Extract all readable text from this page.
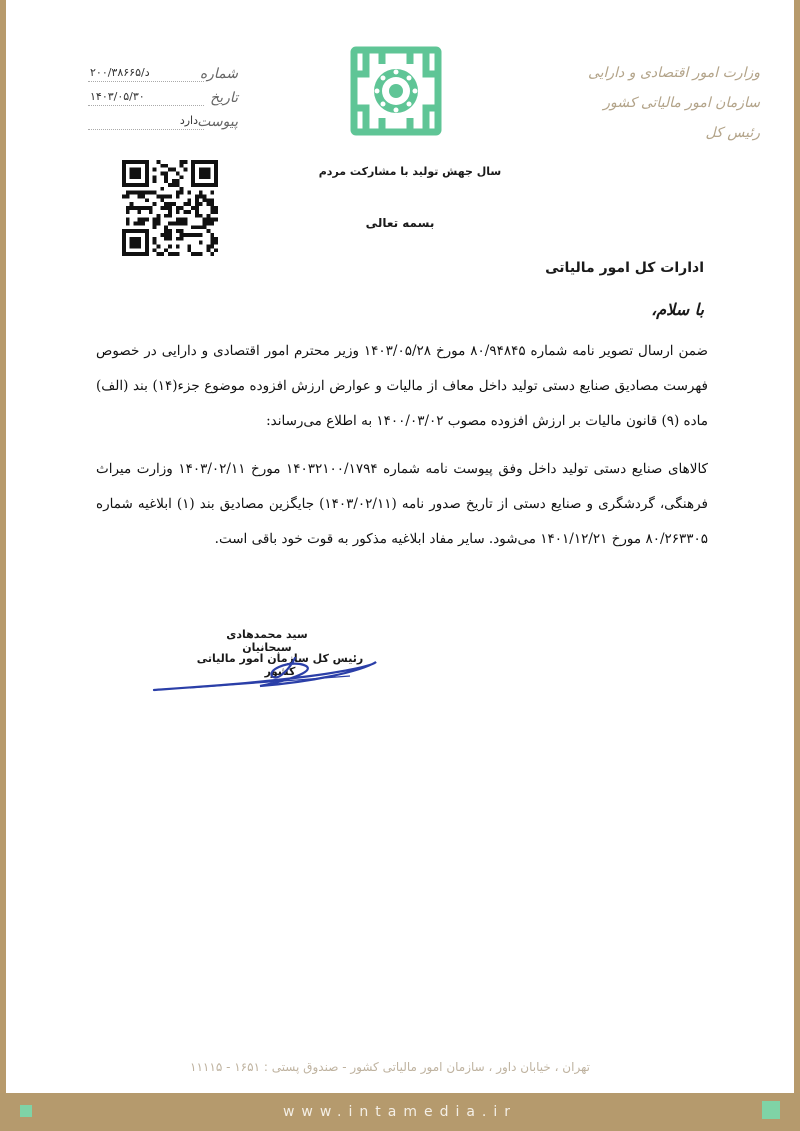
وزارت امور اقتصادی و دارایی
سازمان امور مالیاتی کشور
رئیس کل
شماره
د/۲۰۰/۳۸۶۶۵
تاریخ
۱۴۰۳/۰۵/۳۰
پیوست
دارد
سال جهش تولید با مشارکت مردم
بسمه تعالی
ادارات کل امور مالیاتی
با سلام،
ضمن ارسال تصویر نامه شماره ۸۰/۹۴۸۴۵ مورخ ۱۴۰۳/۰۵/۲۸ وزیر محترم امور اقتصادی و دارایی در خصوص فهرست مصادیق صنایع دستی تولید داخل معاف از مالیات و عوارض ارزش افزوده موضوع جزء(۱۴) بند (الف) ماده (۹) قانون مالیات بر ارزش افزوده مصوب ۱۴۰۰/۰۳/۰۲ به اطلاع می‌رساند:
کالاهای صنایع دستی تولید داخل وفق پیوست نامه شماره ۱۴۰۳۲۱۰۰/۱۷۹۴ مورخ ۱۴۰۳/۰۲/۱۱ وزارت میراث فرهنگی، گردشگری و صنایع دستی از تاریخ صدور نامه (۱۴۰۳/۰۲/۱۱) جایگزین مصادیق بند (۱) ابلاغیه شماره ۸۰/۲۶۳۳۰۵ مورخ ۱۴۰۱/۱۲/۲۱ می‌شود. سایر مفاد ابلاغیه مذکور به قوت خود باقی است.
سید محمدهادی سبحانیان
رئیس کل سازمان امور مالیاتی کشور
تهران ، خیابان داور ، سازمان امور مالیاتی کشور - صندوق پستی : ۱۶۵۱ - ۱۱۱۱۵
www.intamedia.ir
